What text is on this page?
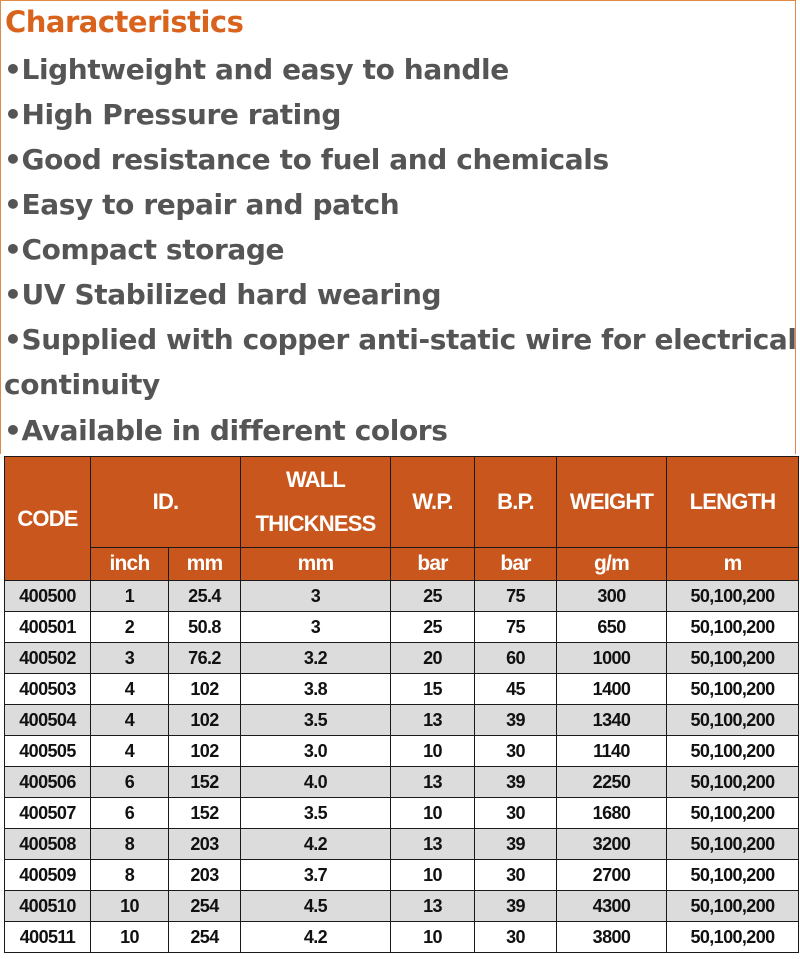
Characteristics
•Lightweight and easy to handle
•High Pressure rating
•Good resistance to fuel and chemicals
•Easy to repair and patch
•Compact storage
•UV Stabilized hard wearing
•Supplied with copper anti-static wire for electrical
continuity
•Available in different colors
CODE	ID.		WALL
THICKNESS	W.P.	B.P.	WEIGHT	LENGTH
	inch	mm	mm	bar	bar	g/m	m
400500	1	25.4	3	25	75	300	50,100,200
400501	2	50.8	3	25	75	650	50,100,200
400502	3	76.2	3.2	20	60	1000	50,100,200
400503	4	102	3.8	15	45	1400	50,100,200
400504	4	102	3.5	13	39	1340	50,100,200
400505	4	102	3.0	10	30	1140	50,100,200
400506	6	152	4.0	13	39	2250	50,100,200
400507	6	152	3.5	10	30	1680	50,100,200
400508	8	203	4.2	13	39	3200	50,100,200
400509	8	203	3.7	10	30	2700	50,100,200
400510	10	254	4.5	13	39	4300	50,100,200
400511	10	254	4.2	10	30	3800	50,100,200
